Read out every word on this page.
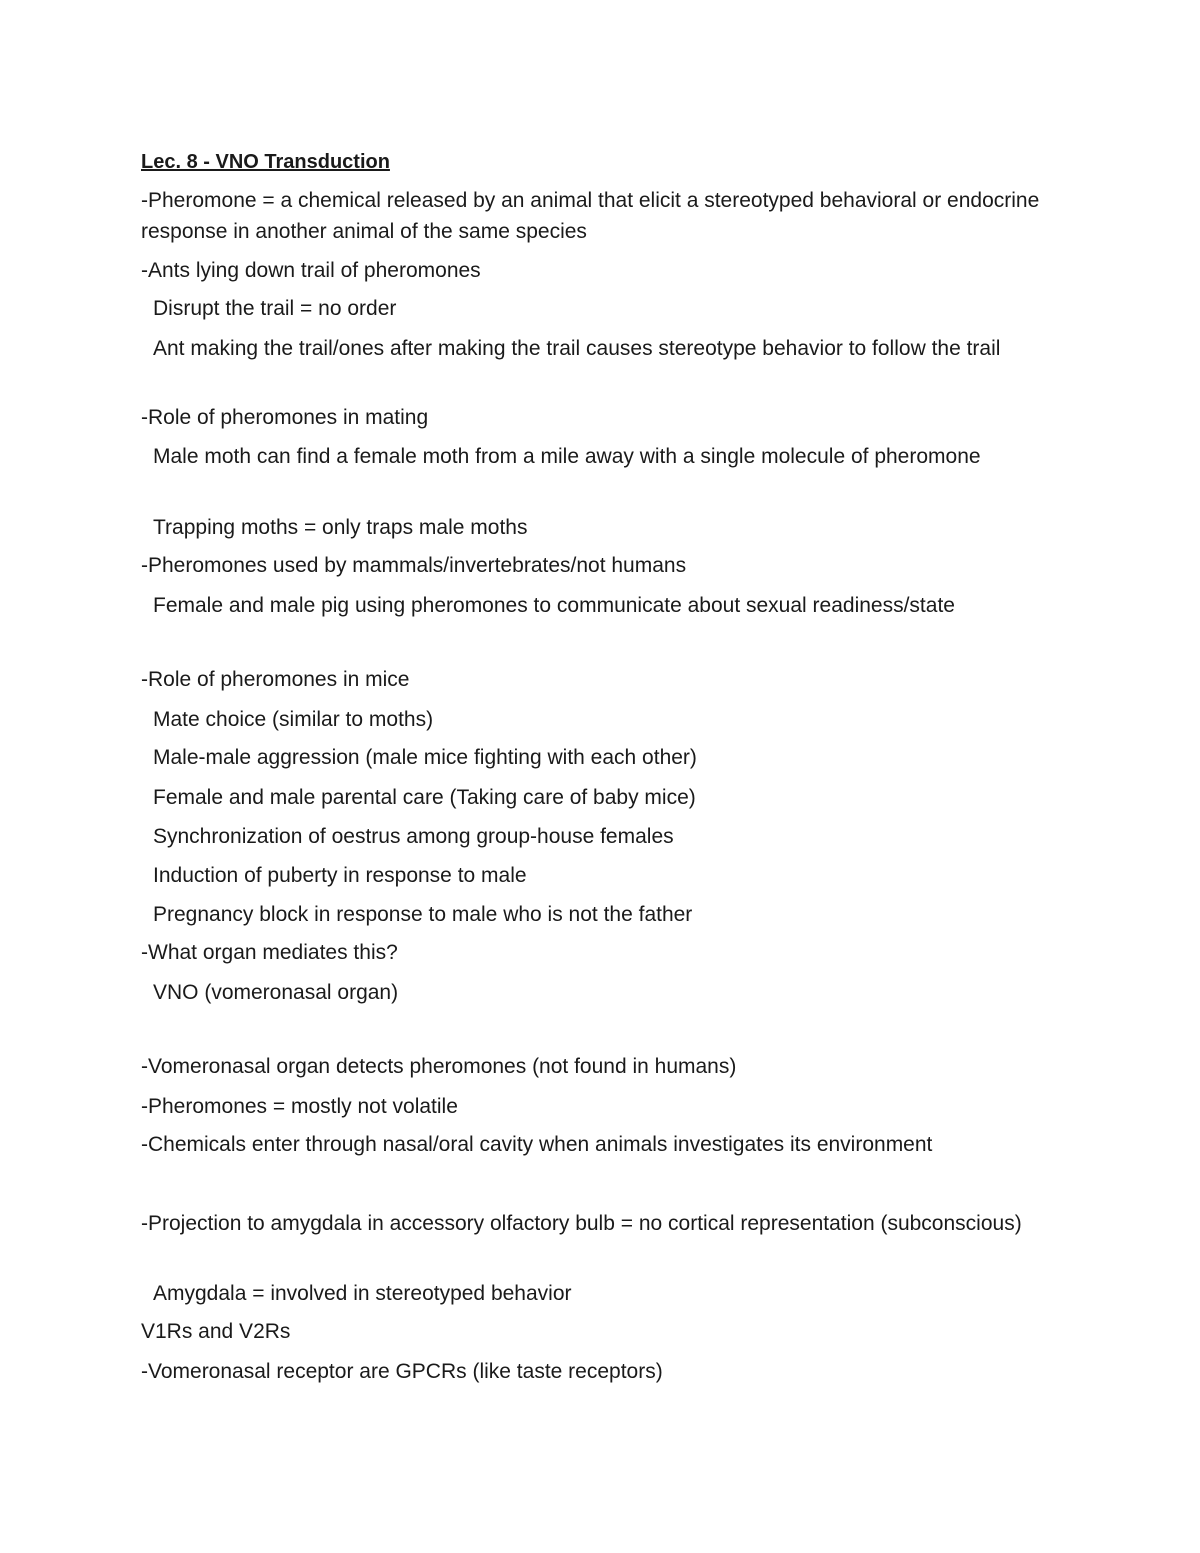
Lec. 8 - VNO Transduction
-Pheromone = a chemical released by an animal that elicit a stereotyped behavioral or endocrine response in another animal of the same species
-Ants lying down trail of pheromones
Disrupt the trail = no order
Ant making the trail/ones after making the trail causes stereotype behavior to follow the trail
-Role of pheromones in mating
Male moth can find a female moth from a mile away with a single molecule of pheromone
Trapping moths = only traps male moths
-Pheromones used by mammals/invertebrates/not humans
Female and male pig using pheromones to communicate about sexual readiness/state
-Role of pheromones in mice
Mate choice (similar to moths)
Male-male aggression (male mice fighting with each other)
Female and male parental care (Taking care of baby mice)
Synchronization of oestrus among group-house females
Induction of puberty in response to male
Pregnancy block in response to male who is not the father
-What organ mediates this?
VNO (vomeronasal organ)
-Vomeronasal organ detects pheromones (not found in humans)
-Pheromones = mostly not volatile
-Chemicals enter through nasal/oral cavity when animals investigates its environment
-Projection to amygdala in accessory olfactory bulb = no cortical representation (subconscious)
Amygdala = involved in stereotyped behavior
V1Rs and V2Rs
-Vomeronasal receptor are GPCRs (like taste receptors)
